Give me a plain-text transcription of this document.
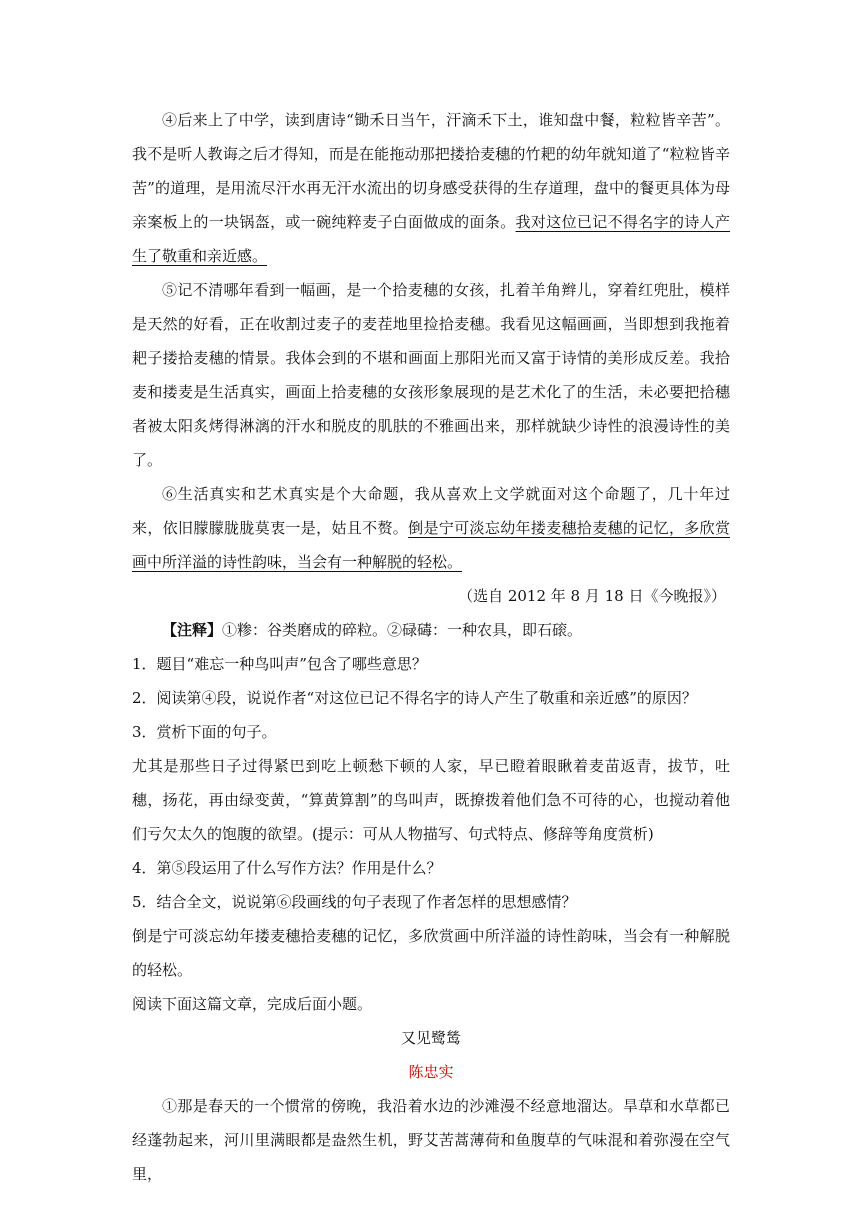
④后来上了中学，读到唐诗“锄禾日当午，汗滴禾下土，谁知盘中餐，粒粒皆辛苦”。我不是听人教诲之后才得知，而是在能拖动那把搂拾麦穗的竹耙的幼年就知道了“粒粒皆辛苦”的道理，是用流尽汗水再无汗水流出的切身感受获得的生存道理，盘中的餐更具体为母亲案板上的一块锅盔，或一碗纯粹麦子白面做成的面条。我对这位已记不得名字的诗人产生了敬重和亲近感。

⑤记不清哪年看到一幅画，是一个拾麦穗的女孩，扎着羊角辫儿，穿着红兜肚，模样是天然的好看，正在收割过麦子的麦茬地里捡拾麦穗。我看见这幅画画，当即想到我拖着耙子搂拾麦穗的情景。我体会到的不堪和画面上那阳光而又富于诗情的美形成反差。我拾麦和搂麦是生活真实，画面上拾麦穗的女孩形象展现的是艺术化了的生活，未必要把拾穗者被太阳炙烤得淋漓的汗水和脱皮的肌肤的不雅画出来，那样就缺少诗性的浪漫诗性的美了。

⑥生活真实和艺术真实是个大命题，我从喜欢上文学就面对这个命题了，几十年过来，依旧朦朦胧胧莫衷一是，姑且不赘。倒是宁可淡忘幼年搂麦穗拾麦穗的记忆，多欣赏画中所洋溢的诗性韵味，当会有一种解脱的轻松。

（选自 2012 年 8 月 18 日《今晚报》）

【注释】①糁：谷类磨成的碎粒。②碌碡：一种农具，即石磙。

1．题目“难忘一种鸟叫声”包含了哪些意思？

2．阅读第④段，说说作者“对这位已记不得名字的诗人产生了敬重和亲近感”的原因？

3．赏析下面的句子。

尤其是那些日子过得紧巴到吃上顿愁下顿的人家，早已瞪着眼瞅着麦苗返青，拔节，吐穗，扬花，再由绿变黄，“算黄算割”的鸟叫声，既撩拨着他们急不可待的心，也搅动着他们亏欠太久的饱腹的欲望。(提示：可从人物描写、句式特点、修辞等角度赏析)

4．第⑤段运用了什么写作方法？作用是什么？

5．结合全文，说说第⑥段画线的句子表现了作者怎样的思想感情？

倒是宁可淡忘幼年搂麦穗拾麦穗的记忆，多欣赏画中所洋溢的诗性韵味，当会有一种解脱的轻松。

阅读下面这篇文章，完成后面小题。

又见鹭鸶

陈忠实

①那是春天的一个惯常的傍晚，我沿着水边的沙滩漫不经意地溜达。旱草和水草都已经蓬勃起来，河川里满眼都是盎然生机，野艾苦蒿薄荷和鱼腹草的气味混和着弥漫在空气里，
